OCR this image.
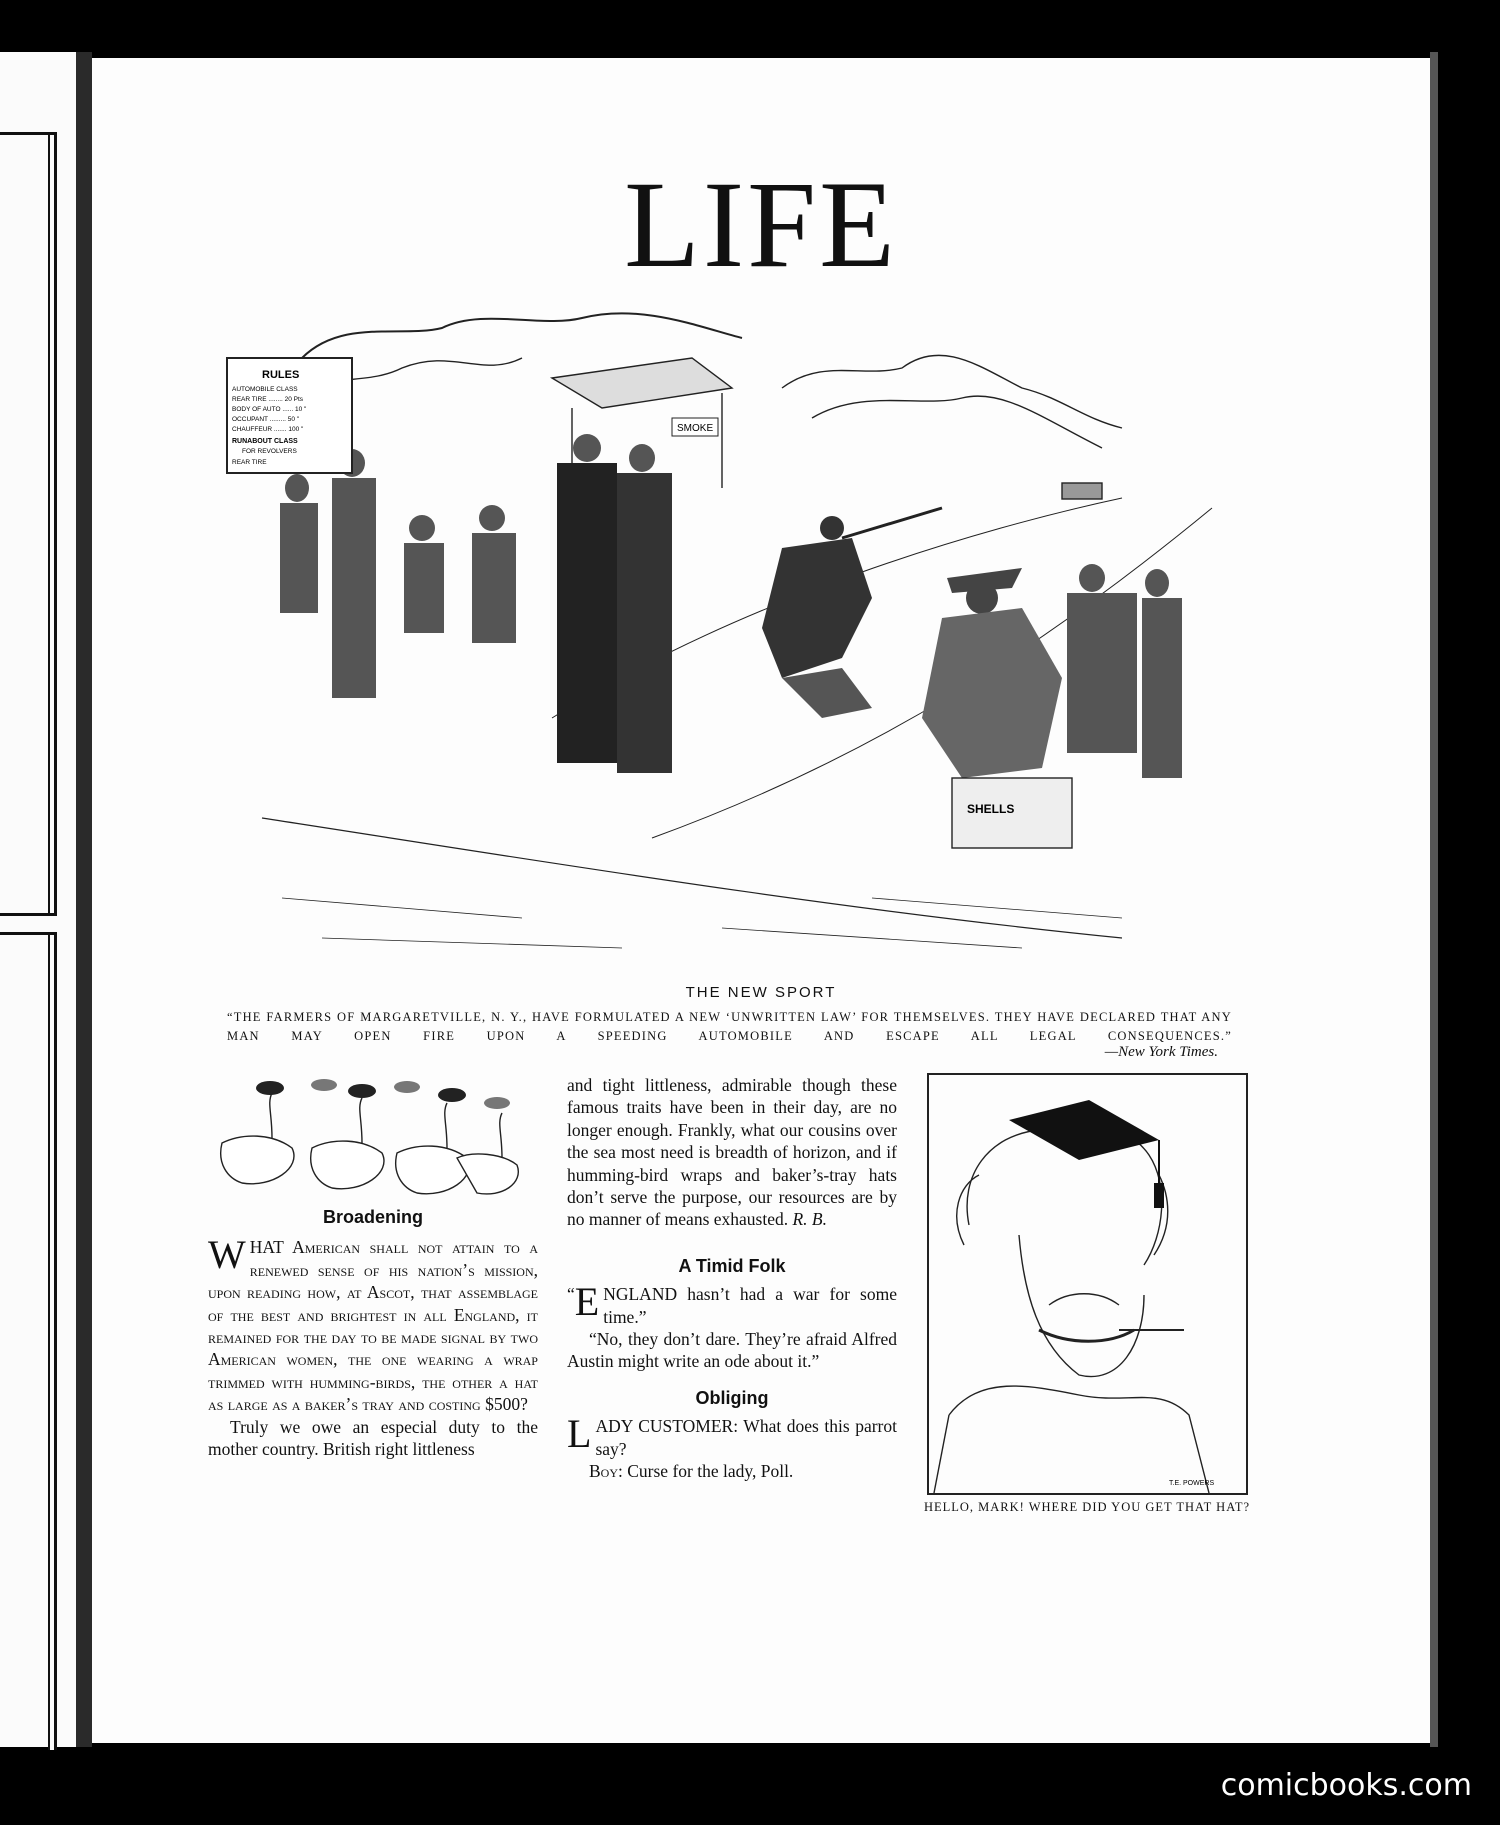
LIFE
RULES
AUTOMOBILE CLASS
REAR TIRE ........ 20 Pts
BODY OF AUTO ...... 10 "
OCCUPANT ......... 50 "
CHAUFFEUR ....... 100 "
RUNABOUT CLASS
FOR REVOLVERS
REAR TIRE
SMOKE
SHELLS
THE NEW SPORT
“THE FARMERS OF MARGARETVILLE, N. Y., HAVE FORMULATED A NEW ‘UNWRITTEN LAW’ FOR THEMSELVES. THEY HAVE DECLARED THAT ANY MAN MAY OPEN FIRE UPON A SPEEDING AUTOMOBILE AND ESCAPE ALL LEGAL CONSEQUENCES.”
—New York Times.
Broadening

WHAT American shall not attain to a renewed sense of his nation’s mission, upon reading how, at Ascot, that assemblage of the best and brightest in all England, it remained for the day to be made signal by two American women, the one wearing a wrap trimmed with humming-birds, the other a hat as large as a baker’s tray and costing $500?

Truly we owe an especial duty to the mother country. British right littleness

and tight littleness, admirable though these famous traits have been in their day, are no longer enough. Frankly, what our cousins over the sea most need is breadth of horizon, and if humming-bird wraps and baker’s-tray hats don’t serve the purpose, our resources are by no manner of means exhausted. R. B.

A Timid Folk

“ E NGLAND hasn’t had a war for some time.”

“No, they don’t dare. They’re afraid Alfred Austin might write an ode about it.”

Obliging

LADY CUSTOMER: What does this parrot say?

Boy: Curse for the lady, Poll.

T.E. POWERS
HELLO, MARK! WHERE DID YOU GET THAT HAT?
comicbooks.com
